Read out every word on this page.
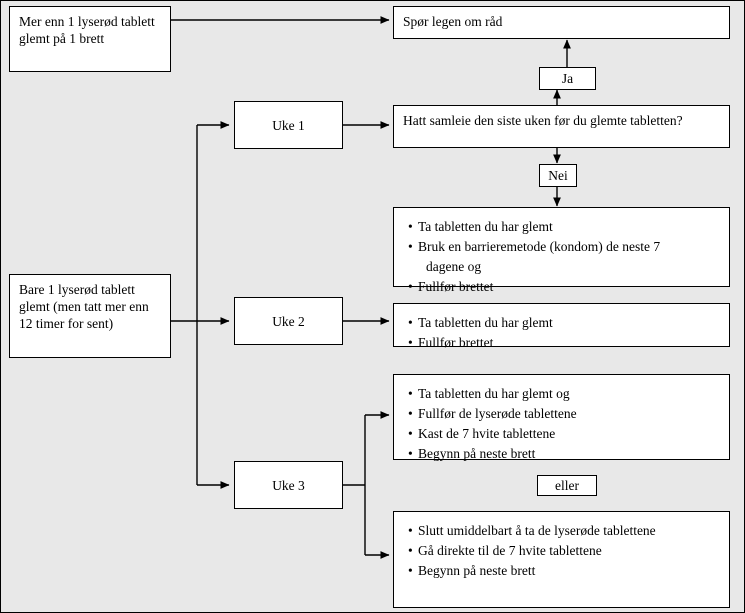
Mer enn 1 lyserød tablett glemt på 1 brett
Bare 1 lyserød tablett glemt (men tatt mer enn 12 timer for sent)
Spør legen om råd
Ja
Nei
Uke 1
Uke 2
Uke 3
Hatt samleie den siste uken før du glemte tabletten?
• Ta tabletten du har glemt
• Bruk en barrieremetode (kondom) de neste 7
dagene og
• Fullfør brettet
• Ta tabletten du har glemt
• Fullfør brettet
• Ta tabletten du har glemt og
• Fullfør de lyserøde tablettene
• Kast de 7 hvite tablettene
• Begynn på neste brett
eller
• Slutt umiddelbart å ta de lyserøde tablettene
• Gå direkte til de 7 hvite tablettene
• Begynn på neste brett
